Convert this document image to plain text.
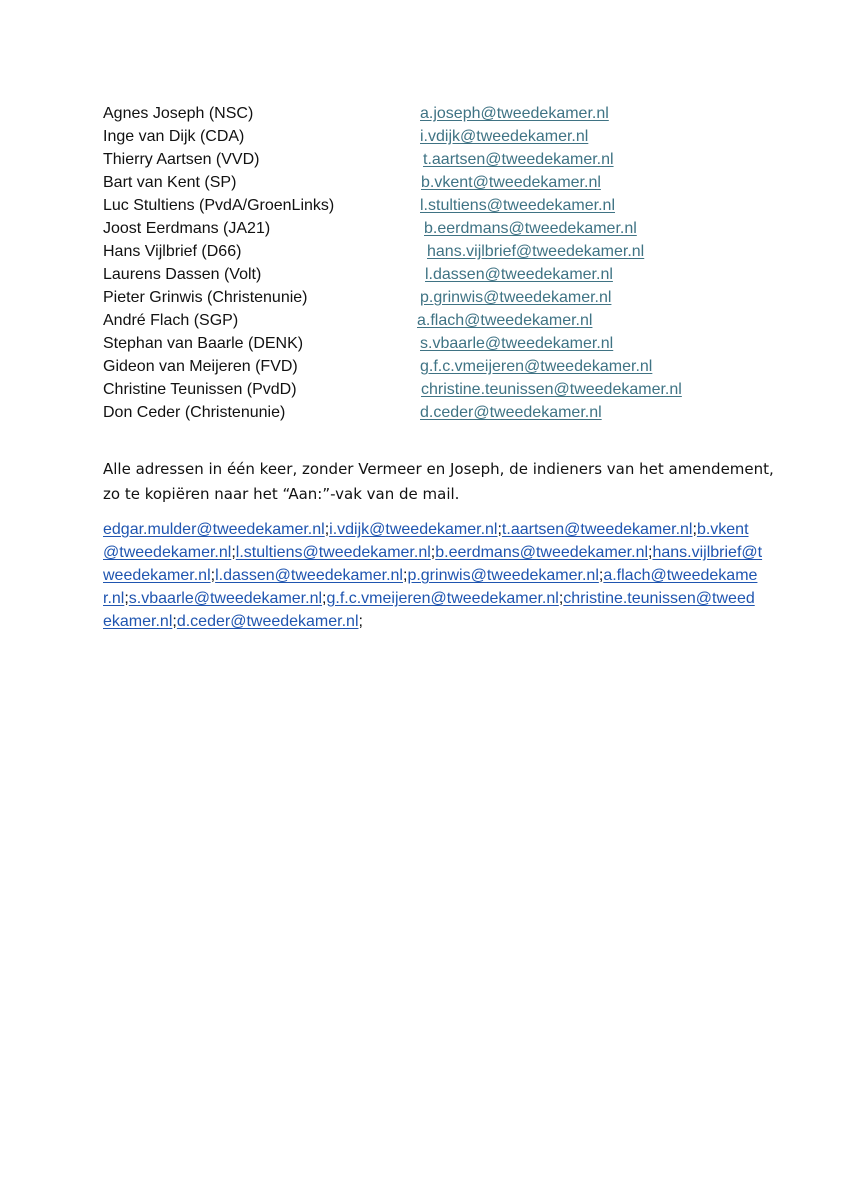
Agnes Joseph (NSC)	a.joseph@tweedekamer.nl
Inge van Dijk (CDA)	i.vdijk@tweedekamer.nl
Thierry Aartsen (VVD)	t.aartsen@tweedekamer.nl
Bart van Kent (SP)	b.vkent@tweedekamer.nl
Luc Stultiens (PvdA/GroenLinks)	l.stultiens@tweedekamer.nl
Joost Eerdmans (JA21)	b.eerdmans@tweedekamer.nl
Hans Vijlbrief (D66)	hans.vijlbrief@tweedekamer.nl
Laurens Dassen (Volt)	l.dassen@tweedekamer.nl
Pieter Grinwis (Christenunie)	p.grinwis@tweedekamer.nl
André Flach (SGP)	a.flach@tweedekamer.nl
Stephan van Baarle (DENK)	s.vbaarle@tweedekamer.nl
Gideon van Meijeren (FVD)	g.f.c.vmeijeren@tweedekamer.nl
Christine Teunissen (PvdD)	christine.teunissen@tweedekamer.nl
Don Ceder (Christenunie)	d.ceder@tweedekamer.nl

Alle adressen in één keer, zonder Vermeer en Joseph, de indieners van het amendement,

zo te kopiëren naar het “Aan:”-vak van de mail.

edgar.mulder@tweedekamer.nl;i.vdijk@tweedekamer.nl;t.aartsen@tweedekamer.nl;b.vkent@tweedekamer.nl;l.stultiens@tweedekamer.nl;b.eerdmans@tweedekamer.nl;hans.vijlbrief@tweedekamer.nl;l.dassen@tweedekamer.nl;p.grinwis@tweedekamer.nl;a.flach@tweedekamer.nl;s.vbaarle@tweedekamer.nl;g.f.c.vmeijeren@tweedekamer.nl;christine.teunissen@tweedekamer.nl;d.ceder@tweedekamer.nl;
